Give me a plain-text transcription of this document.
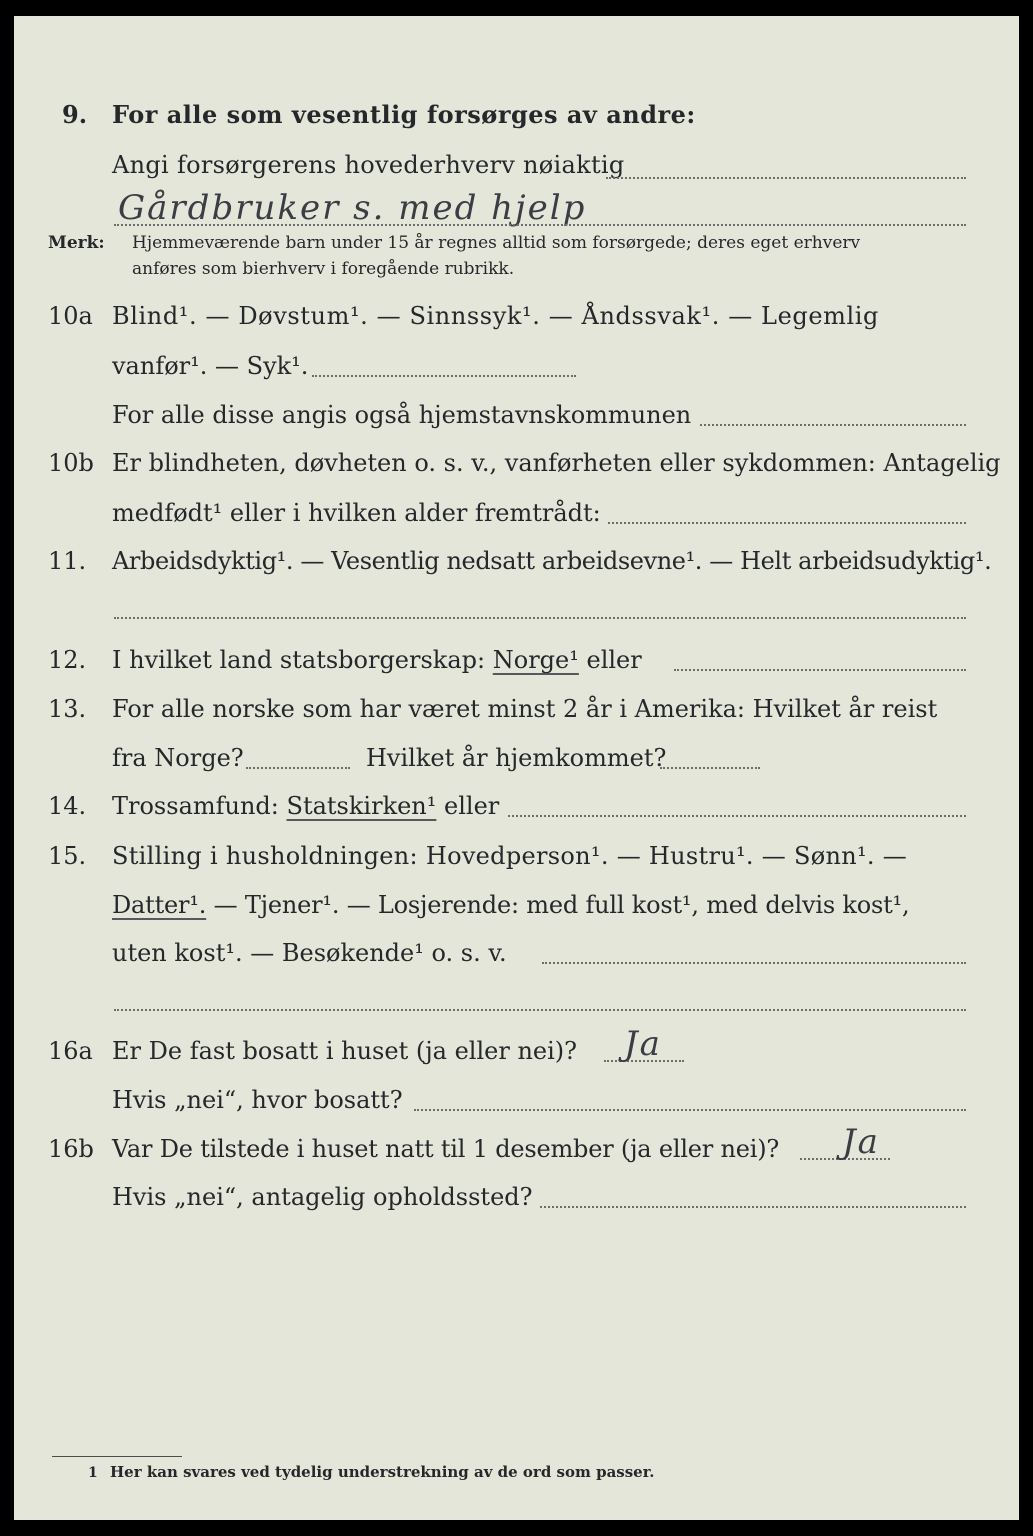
9. For alle som vesentlig forsørges av andre:
Angi forsørgerens hovederhverv nøiaktig
Gårdbruker s. med hjelp
Merk: Hjemmeværende barn under 15 år regnes alltid som forsørgede; deres eget erhverv
anføres som bierhverv i foregående rubrikk.
10a Blind¹. — Døvstum¹. — Sinnssyk¹. — Åndssvak¹. — Legemlig
vanfør¹. — Syk¹.
For alle disse angis også hjemstavnskommunen
10b Er blindheten, døvheten o. s. v., vanførheten eller sykdommen: Antagelig
medfødt¹ eller i hvilken alder fremtrådt:
11. Arbeidsdyktig¹. — Vesentlig nedsatt arbeidsevne¹. — Helt arbeidsudyktig¹.
12. I hvilket land statsborgerskap: Norge¹ eller
13. For alle norske som har været minst 2 år i Amerika: Hvilket år reist
fra Norge?	Hvilket år hjemkommet?
14. Trossamfund: Statskirken¹ eller
15. Stilling i husholdningen: Hovedperson¹. — Hustru¹. — Sønn¹. —
Datter¹. — Tjener¹. — Losjerende: med full kost¹, med delvis kost¹,
uten kost¹. — Besøkende¹ o. s. v.
16a Er De fast bosatt i huset (ja eller nei)? Ja
Hvis „nei“, hvor bosatt?
16b Var De tilstede i huset natt til 1 desember (ja eller nei)? Ja
Hvis „nei“, antagelig opholdssted?
1 Her kan svares ved tydelig understrekning av de ord som passer.
